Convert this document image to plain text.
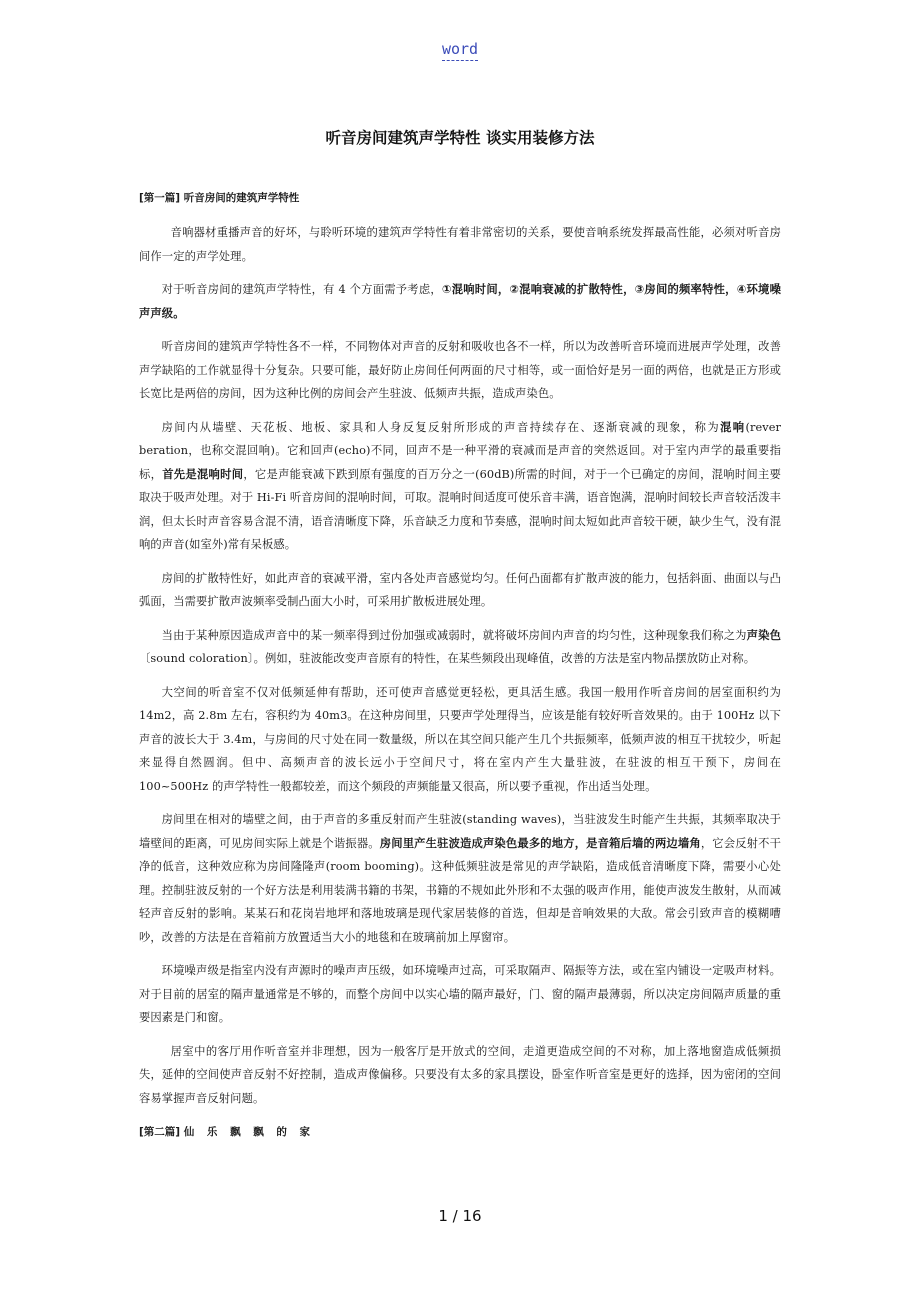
word
听音房间建筑声学特性 谈实用装修方法
[第一篇] 听音房间的建筑声学特性

音响器材重播声音的好坏，与聆听环境的建筑声学特性有着非常密切的关系，要使音响系统发挥最高性能，必须对听音房间作一定的声学处理。

对于听音房间的建筑声学特性，有 4 个方面需予考虑，①混响时间，②混响衰减的扩散特性，③房间的频率特性，④环境噪声声级。

听音房间的建筑声学特性各不一样，不同物体对声音的反射和吸收也各不一样，所以为改善听音环境而进展声学处理，改善声学缺陷的工作就显得十分复杂。只要可能，最好防止房间任何两面的尺寸相等，或一面恰好是另一面的两倍，也就是正方形或长宽比是两倍的房间，因为这种比例的房间会产生驻波、低频声共振，造成声染色。

房间内从墙壁、天花板、地板、家具和人身反复反射所形成的声音持续存在、逐渐衰减的现象，称为混响(rever beration，也称交混回响)。它和回声(echo)不同，回声不是一种平滑的衰减而是声音的突然返回。对于室内声学的最重要指标，首先是混响时间，它是声能衰减下跌到原有强度的百万分之一(60dB)所需的时间，对于一个已确定的房间，混响时间主要取决于吸声处理。对于 Hi-Fi 听音房间的混响时间，可取。混响时间适度可使乐音丰满，语音饱满，混响时间较长声音较活泼丰润，但太长时声音容易含混不清，语音清晰度下降，乐音缺乏力度和节奏感，混响时间太短如此声音较干硬，缺少生气，没有混响的声音(如室外)常有呆板感。

房间的扩散特性好，如此声音的衰减平滑，室内各处声音感觉均匀。任何凸面都有扩散声波的能力，包括斜面、曲面以与凸弧面，当需要扩散声波频率受制凸面大小时，可采用扩散板进展处理。

当由于某种原因造成声音中的某一频率得到过份加强或减弱时，就将破坏房间内声音的均匀性，这种现象我们称之为声染色〔sound coloration〕。例如，驻波能改变声音原有的特性，在某些频段出现峰值，改善的方法是室内物品摆放防止对称。

大空间的听音室不仅对低频延伸有帮助，还可使声音感觉更轻松，更具活生感。我国一般用作听音房间的居室面积约为 14m2，高 2.8m 左右，容积约为 40m3。在这种房间里，只要声学处理得当，应该是能有较好听音效果的。由于 100Hz 以下声音的波长大于 3.4m，与房间的尺寸处在同一数量级，所以在其空间只能产生几个共振频率，低频声波的相互干扰较少，听起来显得自然圆润。但中、高频声音的波长远小于空间尺寸，将在室内产生大量驻波，在驻波的相互干预下，房间在 100~500Hz 的声学特性一般都较差，而这个频段的声频能量又很高，所以要予重视，作出适当处理。

房间里在相对的墙壁之间，由于声音的多重反射而产生驻波(standing waves)，当驻波发生时能产生共振，其频率取决于墙壁间的距离，可见房间实际上就是个谐振器。房间里产生驻波造成声染色最多的地方，是音箱后墙的两边墙角，它会反射不干净的低音，这种效应称为房间隆隆声(room booming)。这种低频驻波是常见的声学缺陷，造成低音清晰度下降，需要小心处理。控制驻波反射的一个好方法是利用装满书籍的书架，书籍的不规如此外形和不太强的吸声作用，能使声波发生散射，从而减轻声音反射的影响。某某石和花岗岩地坪和落地玻璃是现代家居装修的首选，但却是音响效果的大敌。常会引致声音的模糊嘈吵，改善的方法是在音箱前方放置适当大小的地毯和在玻璃前加上厚窗帘。

环境噪声级是指室内没有声源时的噪声声压级，如环境噪声过高，可采取隔声、隔振等方法，或在室内铺设一定吸声材料。对于目前的居室的隔声量通常是不够的，而整个房间中以实心墙的隔声最好，门、窗的隔声最薄弱，所以决定房间隔声质量的重要因素是门和窗。

居室中的客厅用作听音室并非理想，因为一般客厅是开放式的空间，走道更造成空间的不对称，加上落地窗造成低频损失，延伸的空间使声音反射不好控制，造成声像偏移。只要没有太多的家具摆设，卧室作听音室是更好的选择，因为密闭的空间容易掌握声音反射问题。

[第二篇] 仙 乐 飘 飘 的 家
1 / 16
